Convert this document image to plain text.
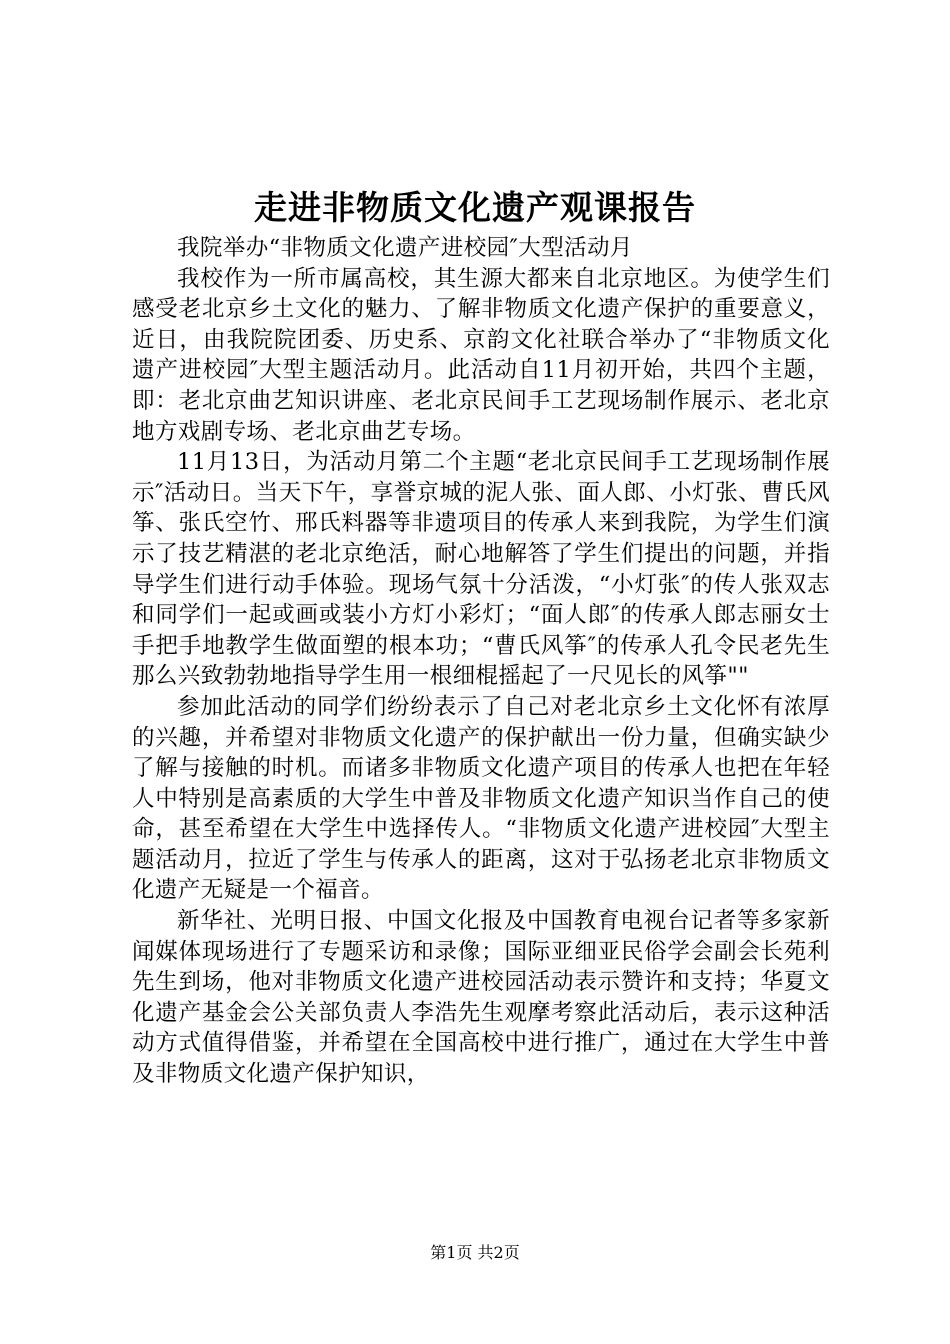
走进非物质文化遗产观课报告

我院举办“非物质文化遗产进校园″大型活动月

我校作为一所市属高校，其生源大都来自北京地区。为使学生们感受老北京乡土文化的魅力、了解非物质文化遗产保护的重要意义，近日，由我院院团委、历史系、京韵文化社联合举办了“非物质文化遗产进校园″大型主题活动月。此活动自11月初开始，共四个主题，即：老北京曲艺知识讲座、老北京民间手工艺现场制作展示、老北京地方戏剧专场、老北京曲艺专场。

11月13日，为活动月第二个主题“老北京民间手工艺现场制作展示″活动日。当天下午，享誉京城的泥人张、面人郎、小灯张、曹氏风筝、张氏空竹、邢氏料器等非遗项目的传承人来到我院，为学生们演示了技艺精湛的老北京绝活，耐心地解答了学生们提出的问题，并指导学生们进行动手体验。现场气氛十分活泼，“小灯张″的传人张双志和同学们一起或画或装小方灯小彩灯；“面人郎″的传承人郎志丽女士手把手地教学生做面塑的根本功；“曹氏风筝″的传承人孔令民老先生那么兴致勃勃地指导学生用一根细棍摇起了一尺见长的风筝""

参加此活动的同学们纷纷表示了自己对老北京乡土文化怀有浓厚的兴趣，并希望对非物质文化遗产的保护献出一份力量，但确实缺少了解与接触的时机。而诸多非物质文化遗产项目的传承人也把在年轻人中特别是高素质的大学生中普及非物质文化遗产知识当作自己的使命，甚至希望在大学生中选择传人。“非物质文化遗产进校园″大型主题活动月，拉近了学生与传承人的距离，这对于弘扬老北京非物质文化遗产无疑是一个福音。

新华社、光明日报、中国文化报及中国教育电视台记者等多家新闻媒体现场进行了专题采访和录像；国际亚细亚民俗学会副会长苑利先生到场，他对非物质文化遗产进校园活动表示赞许和支持；华夏文化遗产基金会公关部负责人李浩先生观摩考察此活动后，表示这种活动方式值得借鉴，并希望在全国高校中进行推广，通过在大学生中普及非物质文化遗产保护知识，

第1页 共2页
